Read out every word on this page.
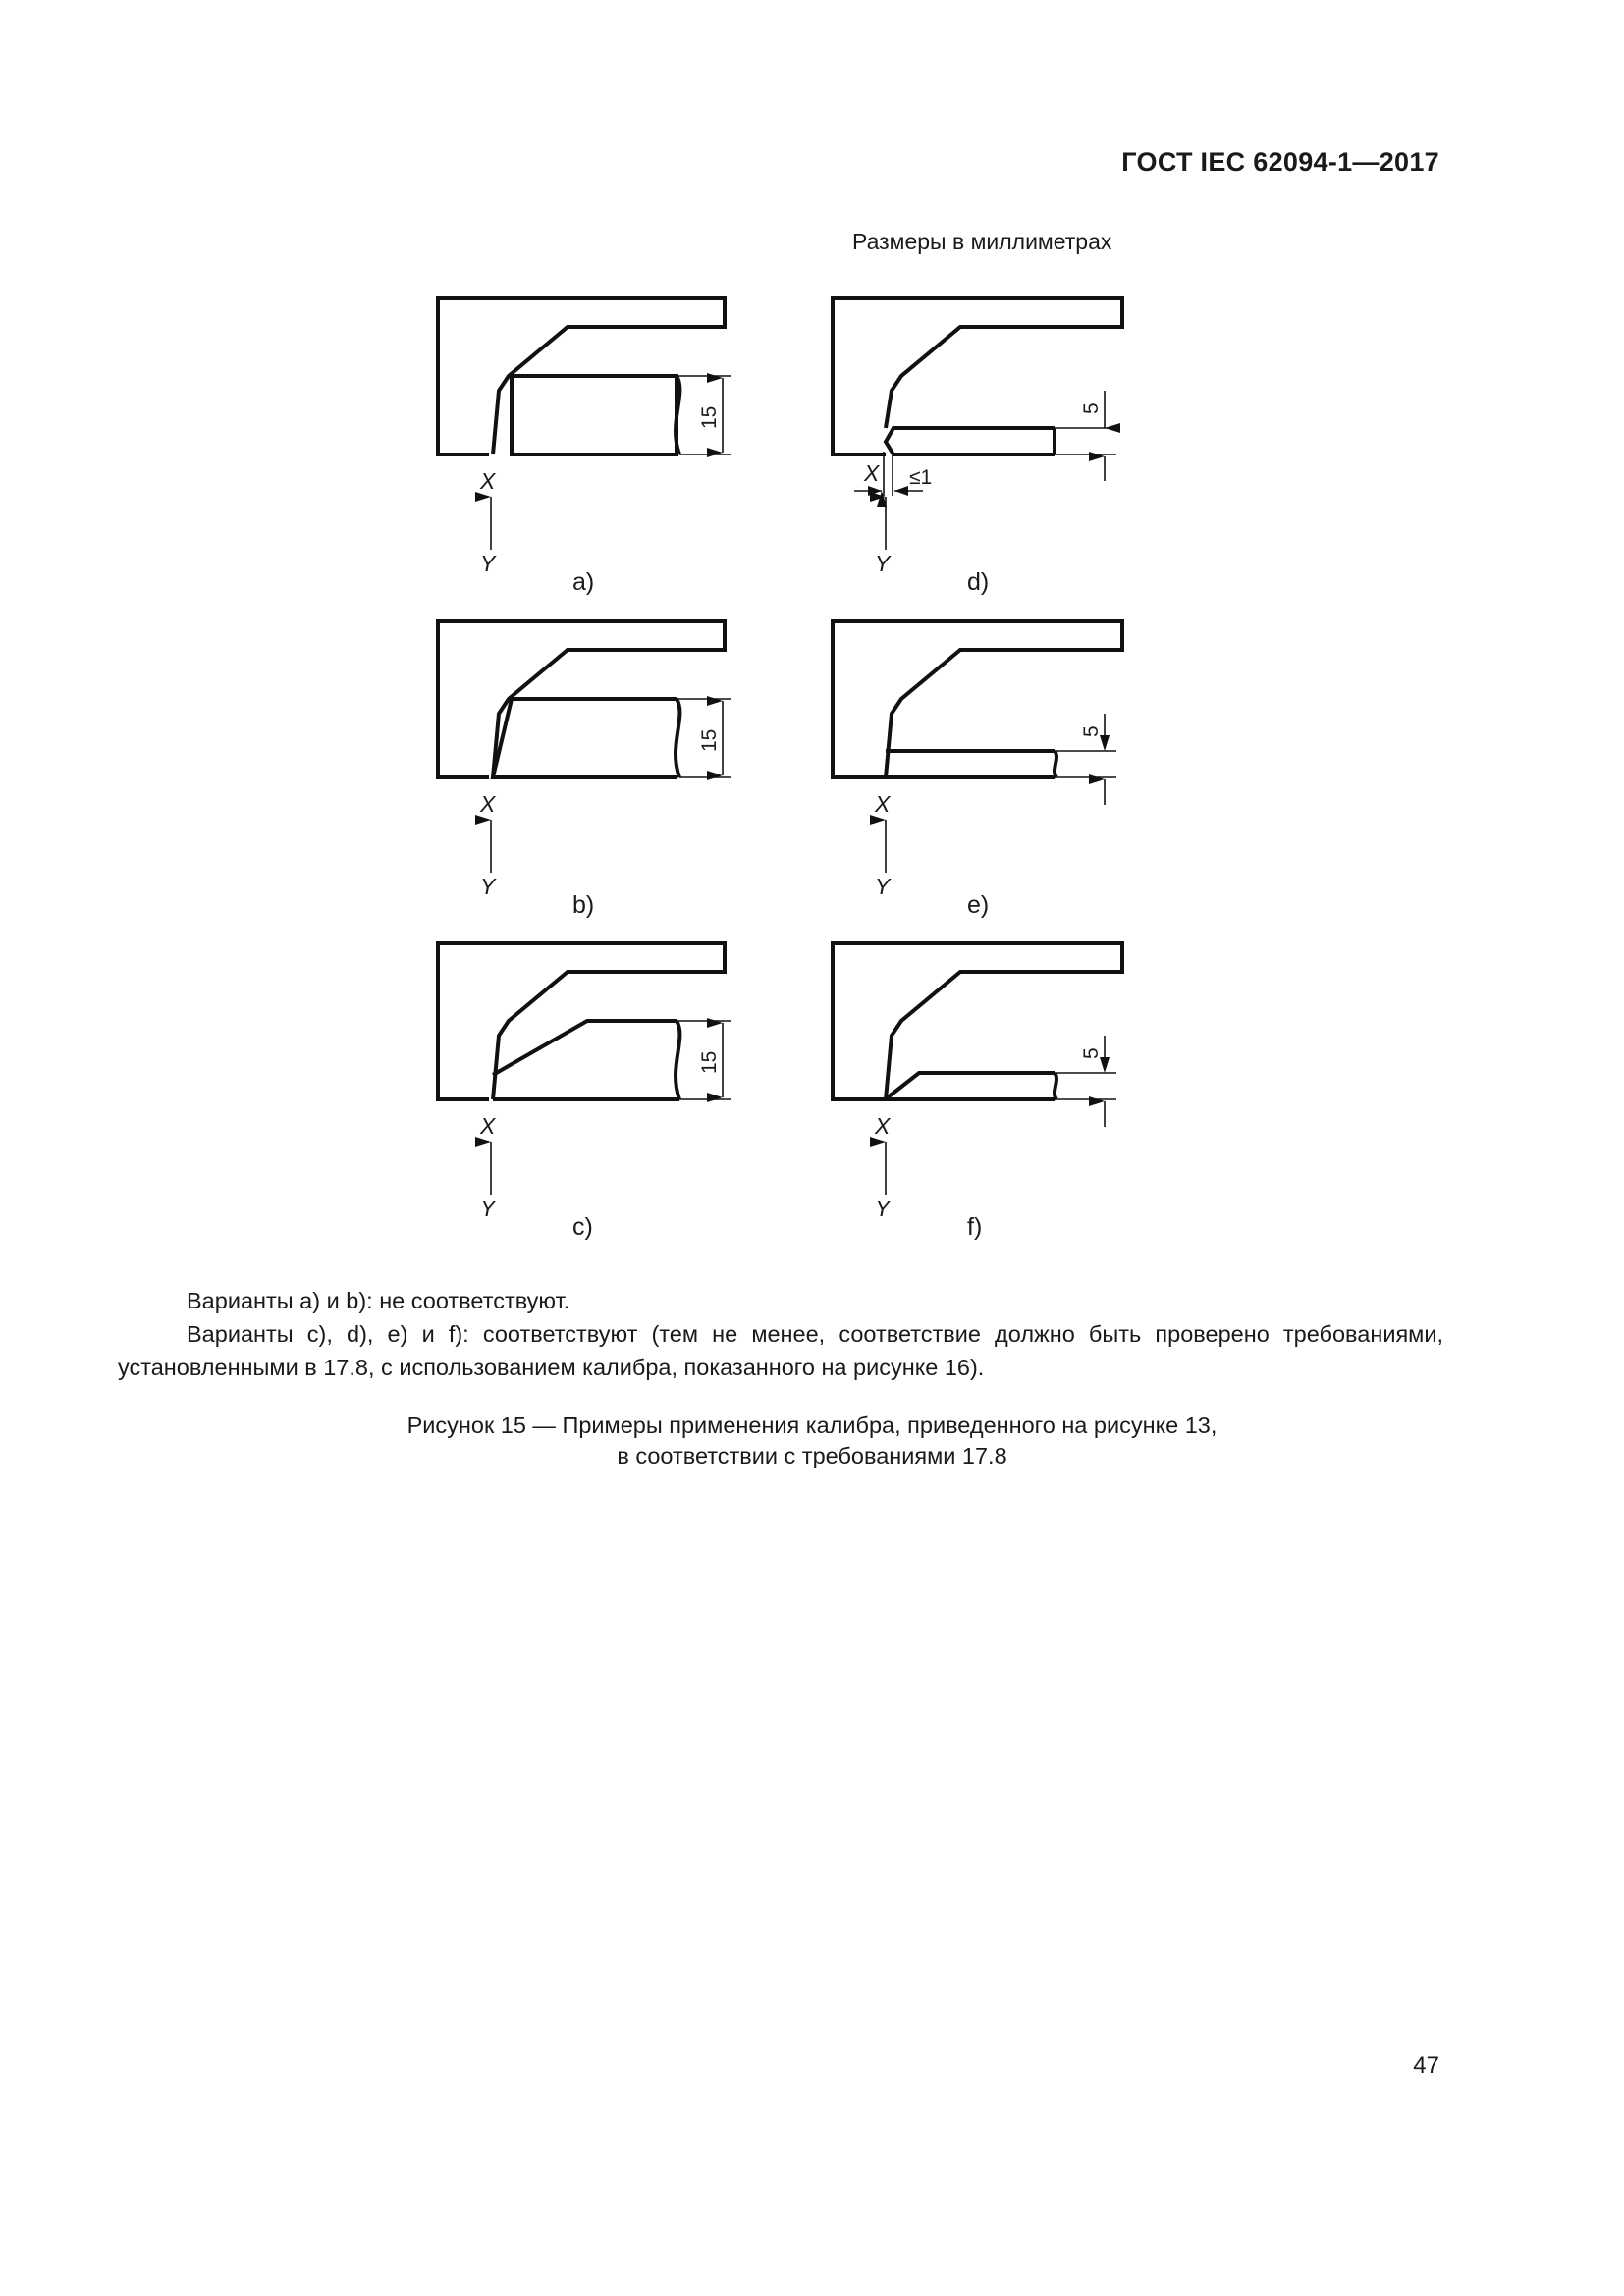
ГОСТ IEC 62094-1—2017
Размеры в миллиметрах
15
X
Y
a)
15
X
Y
b)
15
X
Y
c)
5
≤1
X
Y
d)
5
X
Y
e)
5
X
Y
f)

Варианты a) и b): не соответствуют.

Варианты c), d), e) и f): соответствуют (тем не менее, соответствие должно быть проверено требованиями, установленными в 17.8, с использованием калибра, показанного на рисунке 16).

Рисунок 15 — Примеры применения калибра, приведенного на рисунке 13,
в соответствии с требованиями 17.8
47
